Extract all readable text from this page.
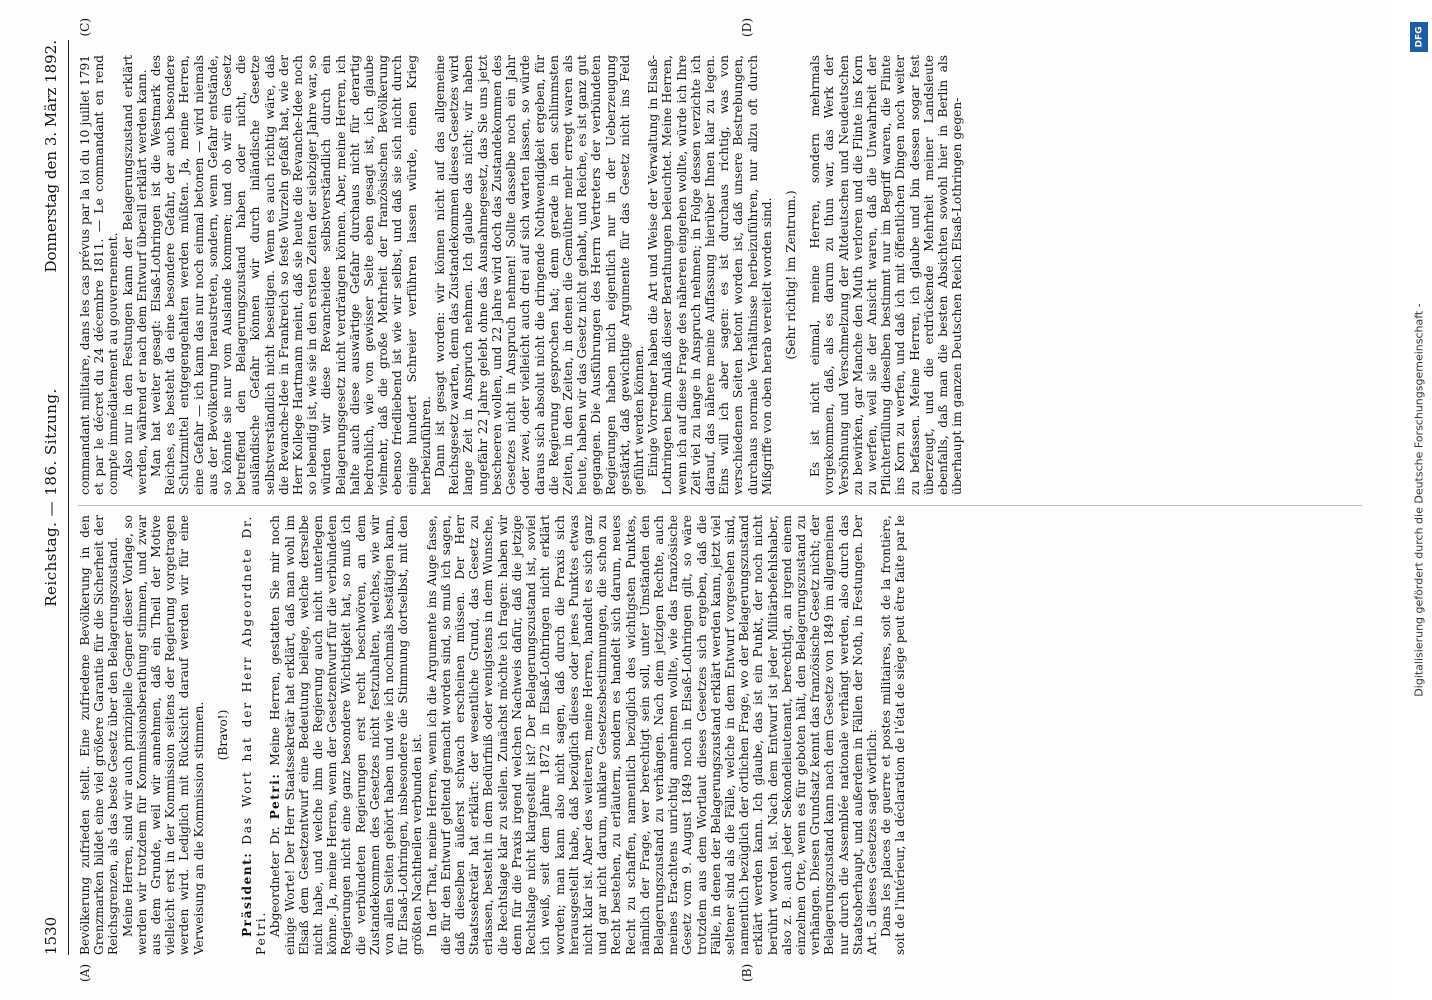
1530
Reichstag. — 186. Sitzung.
Donnerstag den 3. März 1892.
(A)	(B)
(C)	(D)

Bevölkerung zufrieden stellt. Eine zufriedene Bevölkerung in den Grenzmarken bildet eine viel größere Garantie für die Sicherheit der Reichsgrenzen, als das beste Gesetz über den Belagerungszustand. Meine Herren, sind wir auch prinzipielle Gegner dieser Vorlage, so werden wir trotzdem für Kommissionsberathung stimmen, und zwar aus dem Grunde, weil wir annehmen, daß ein Theil der Motive vielleicht erst in der Kommission seitens der Regierung vorgetragen werden wird. Lediglich mit Rücksicht darauf werden wir für eine Verweisung an die Kommission stimmen. (Bravo!)

Präsident: Das Wort hat der Herr Abgeordnete Dr. Petri. Abgeordneter Dr. Petri: Meine Herren, gestatten Sie mir noch einige Worte! Der Herr Staatssekretär hat erklärt, daß man wohl im Elsaß dem Gesetzentwurf eine Bedeutung beilege, welche derselbe nicht habe, und welche ihm die Regierung auch nicht unterlegen könne. Ja, meine Herren, wenn der Gesetzentwurf für die verbündeten Regierungen nicht eine ganz besondere Wichtigkeit hat, so muß ich die verbündeten Regierungen erst recht beschwören, an dem Zustandekommen des Gesetzes nicht festzuhalten, welches, wie wir von allen Seiten gehört haben und wie ich nochmals bestätigen kann, für Elsaß-Lothringen, insbesondere die Stimmung dortselbst, mit den größten Nachtheilen verbunden ist. In der That, meine Herren, wenn ich die Argumente ins Auge fasse, die für den Entwurf geltend gemacht worden sind, so muß ich sagen, daß dieselben äußerst schwach erscheinen müssen. Der Herr Staatssekretär hat erklärt: der wesentliche Grund, das Gesetz zu erlassen, besteht in dem Bedürfniß oder wenigstens in dem Wunsche, die Rechtslage klar zu stellen. Zunächst möchte ich fragen: haben wir denn für die Praxis irgend welchen Nachweis dafür, daß die jetzige Rechtslage nicht klargestellt ist? Der Belagerungszustand ist, soviel ich weiß, seit dem Jahre 1872 in Elsaß-Lothringen nicht erklärt worden; man kann also nicht sagen, daß durch die Praxis sich herausgestellt habe, daß bezüglich dieses oder jenes Punktes etwas nicht klar ist. Aber des weiteren, meine Herren, handelt es sich ganz und gar nicht darum, unklare Gesetzesbestimmungen, die schon zu Recht bestehen, zu erläutern, sondern es handelt sich darum, neues Recht zu schaffen, namentlich bezüglich des wichtigsten Punktes, nämlich der Frage, wer berechtigt sein soll, unter Umständen den Belagerungszustand zu verhängen. Nach dem jetzigen Rechte, auch meines Erachtens unrichtig annehmen wollte, wie das französische Gesetz vom 9. August 1849 noch in Elsaß-Lothringen gilt, so wäre trotzdem aus dem Wortlaut dieses Gesetzes sich ergeben, daß die Fälle, in denen der Belagerungszustand erklärt werden kann, jetzt viel seltener sind als die Fälle, welche in dem Entwurf vorgesehen sind, namentlich bezüglich der örtlichen Frage, wo der Belagerungszustand erklärt werden kann. Ich glaube, das ist ein Punkt, der noch nicht berührt worden ist. Nach dem Entwurf ist jeder Militärbefehlshaber, also z. B. auch jeder Sekondelieutenant, berechtigt, an irgend einem einzelnen Orte, wenn es für geboten hält, den Belagerungszustand zu verhängen. Diesen Grundsatz kennt das französische Gesetz nicht; der Belagerungszustand kann nach dem Gesetze von 1849 im allgemeinen nur durch die Assemblée nationale verhängt werden, also durch das Staatsoberhaupt, und außerdem in Fällen der Noth, in Festungen. Der Art. 5 dieses Gesetzes sagt wörtlich: Dans les places de guerre et postes militaires, soit de la frontière, soit de l'intérieur, la déclaration de l'état de siège peut être faite par le

commandant militaire, dans les cas prévus par la loi du 10 juillet 1791 et par le décret du 24 décembre 1811. — Le commandant en rend compte immédiatement au gouvernement. Also nur in den Festungen kann der Belagerungszustand erklärt werden, während er nach dem Entwurf überall erklärt werden kann. Man hat weiter gesagt: Elsaß-Lothringen ist die Westmark des Reiches, es besteht da eine besondere Gefahr, der auch besondere Schutzmittel entgegengehalten werden müßten. Ja, meine Herren, eine Gefahr — ich kann das nur noch einmal betonen — wird niemals aus der Bevölkerung heraustreten, sondern, wenn Gefahr entstände, so könnte sie nur vom Auslande kommen; und ob wir ein Gesetz betreffend den Belagerungszustand haben oder nicht, die ausländische Gefahr können wir durch inländische Gesetze selbstverständlich nicht beseitigen. Wenn es auch richtig wäre, daß die Revanche-Idee in Frankreich so feste Wurzeln gefaßt hat, wie der Herr Kollege Hartmann meint, daß sie heute die Revanche-Idee noch so lebendig ist, wie sie in den ersten Zeiten der siebziger Jahre war, so würden wir diese Revancheidee selbstverständlich durch ein Belagerungsgesetz nicht verdrängen können. Aber, meine Herren, ich halte auch diese auswärtige Gefahr durchaus nicht für derartig bedrohlich, wie von gewisser Seite eben gesagt ist, ich glaube vielmehr, daß die große Mehrheit der französischen Bevölkerung ebenso friedliebend ist wie wir selbst, und daß sie sich nicht durch einige hundert Schreier verführen lassen würde, einen Krieg herbeizuführen. Dann ist gesagt worden: wir können nicht auf das allgemeine Reichsgesetz warten, denn das Zustandekommen dieses Gesetzes wird lange Zeit in Anspruch nehmen. Ich glaube das nicht; wir haben ungefähr 22 Jahre gelebt ohne das Ausnahmegesetz, das Sie uns jetzt bescheeren wollen, und 22 Jahre wird doch das Zustandekommen des Gesetzes nicht in Anspruch nehmen! Sollte dasselbe noch ein Jahr oder zwei, oder vielleicht auch drei auf sich warten lassen, so würde daraus sich absolut nicht die dringende Nothwendigkeit ergeben, für die Regierung gesprochen hat; denn gerade in den schlimmsten Zeiten, in den Zeiten, in denen die Gemüther mehr erregt waren als heute, haben wir das Gesetz nicht gehabt, und Reiche, es ist ganz gut gegangen. Die Ausführungen des Herrn Vertreters der verbündeten Regierungen haben mich eigentlich nur in der Ueberzeugung gestärkt, daß gewichtige Argumente für das Gesetz nicht ins Feld geführt werden können. Einige Vorredner haben die Art und Weise der Verwaltung in Elsaß-Lothringen beim Anlaß dieser Berathungen beleuchtet. Meine Herren, wenn ich auf diese Frage des näheren eingehen wollte, würde ich Ihre Zeit viel zu lange in Anspruch nehmen; in Folge dessen verzichte ich darauf, das nähere meine Auffassung hierüber Ihnen klar zu legen. Eins will ich aber sagen: es ist durchaus richtig, was von verschiedenen Seiten betont worden ist, daß unsere Bestrebungen, durchaus normale Verhältnisse herbeizuführen, nur allzu oft durch Mißgriffe von oben herab vereitelt worden sind. (Sehr richtig! im Zentrum.) Es ist nicht einmal, meine Herren, sondern mehrmals vorgekommen, daß, als es darum zu thun war, das Werk der Versöhnung und Verschmelzung der Altdeutschen und Neudeutschen zu bewirken, gar Manche den Muth verloren und die Flinte ins Korn zu werfen, weil sie der Ansicht waren, daß die Unwahrheit der Pflichterfüllung dieselben bestimmt nur im Begriff waren, die Flinte ins Korn zu werfen, und daß ich mit öffentlichen Dingen noch weiter zu befassen. Meine Herren, ich glaube und bin dessen sogar fest überzeugt, und die erdrückende Mehrheit meiner Landsleute ebenfalls, daß man die besten Absichten sowohl hier in Berlin als überhaupt im ganzen Deutschen Reich Elsaß-Lothringen gegen-

Digitalisierung gefördert durch die Deutsche Forschungsgemeinschaft -
DFG
